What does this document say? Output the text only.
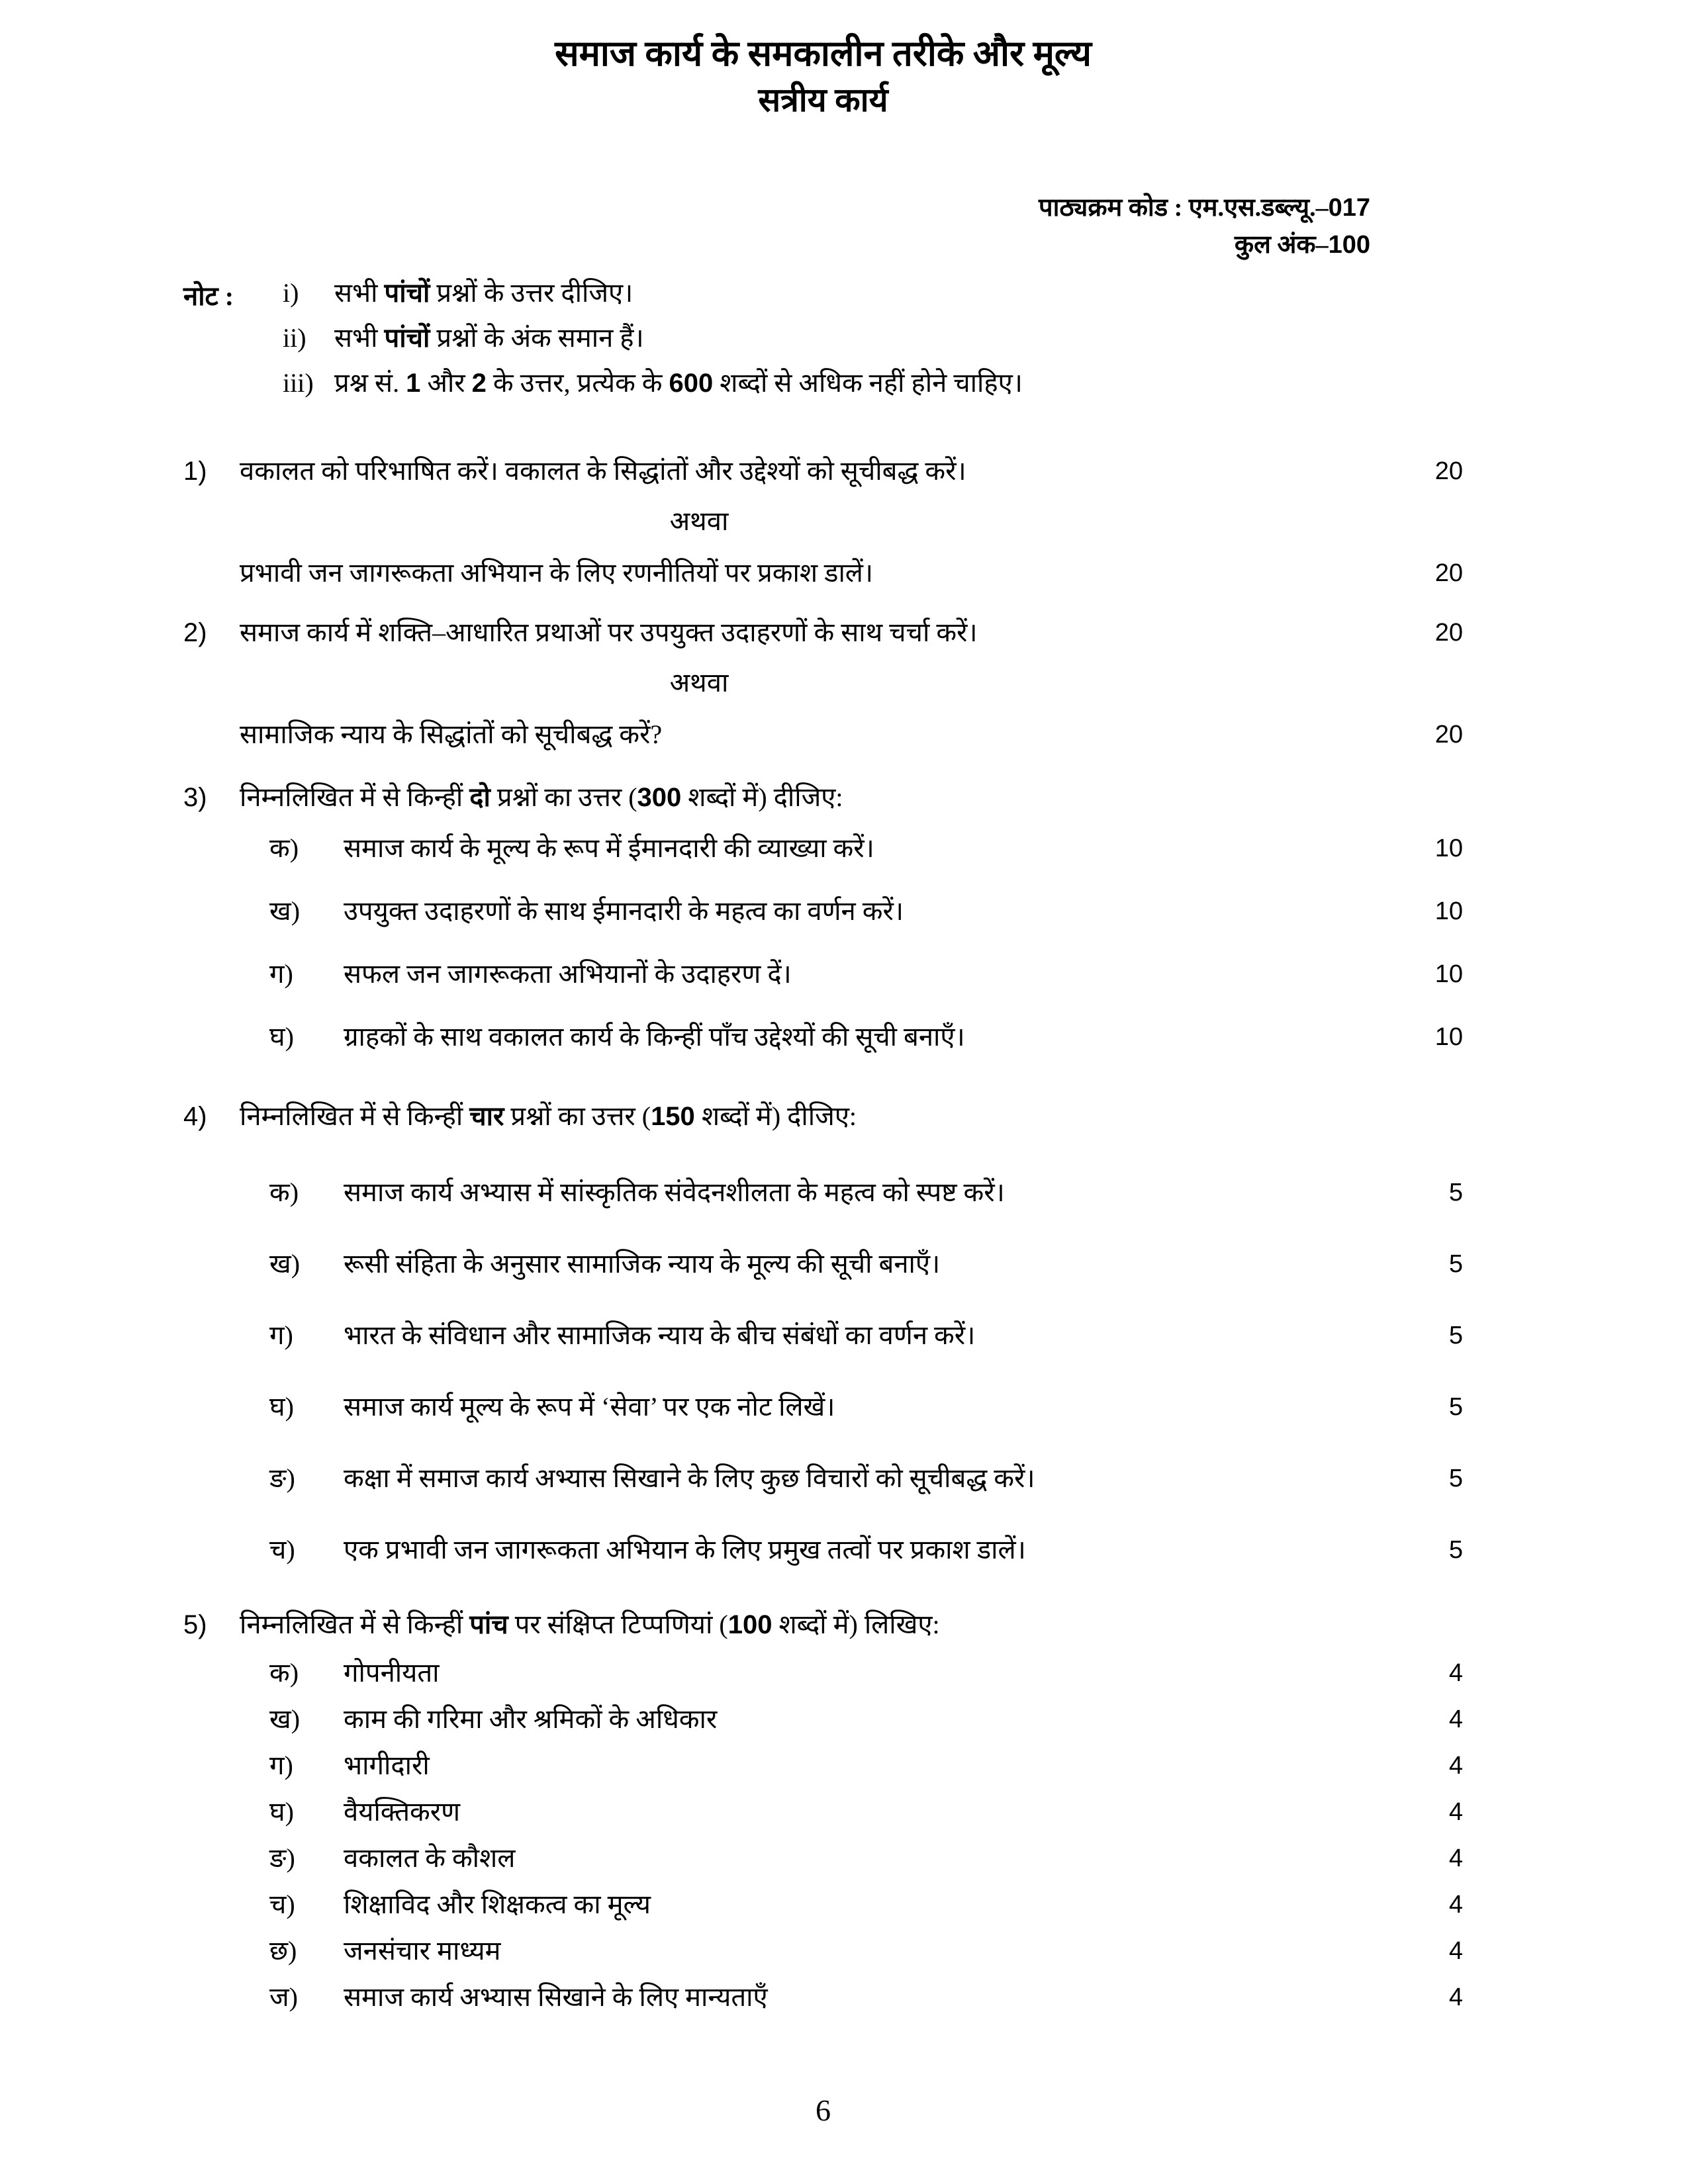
समाज कार्य के समकालीन तरीके और मूल्य
सत्रीय कार्य
पाठ्यक्रम कोड : एम.एस.डब्ल्यू.–017
कुल अंक–100
नोट :	i)	सभी पांचों प्रश्नों के उत्तर दीजिए।
ii)	सभी पांचों प्रश्नों के अंक समान हैं।
iii) प्रश्न सं. 1 और 2 के उत्तर, प्रत्येक के 600 शब्दों से अधिक नहीं होने चाहिए।
1)	वकालत को परिभाषित करें। वकालत के सिद्धांतों और उद्देश्यों को सूचीबद्ध करें।	20
अथवा
प्रभावी जन जागरूकता अभियान के लिए रणनीतियों पर प्रकाश डालें।	20
2)	समाज कार्य में शक्ति–आधारित प्रथाओं पर उपयुक्त उदाहरणों के साथ चर्चा करें।	20
अथवा
सामाजिक न्याय के सिद्धांतों को सूचीबद्ध करें?	20
3)	निम्नलिखित में से किन्हीं दो प्रश्नों का उत्तर (300 शब्दों में) दीजिए:
क)	समाज कार्य के मूल्य के रूप में ईमानदारी की व्याख्या करें।	10
ख)	उपयुक्त उदाहरणों के साथ ईमानदारी के महत्व का वर्णन करें।	10
ग)	सफल जन जागरूकता अभियानों के उदाहरण दें।	10
घ)	ग्राहकों के साथ वकालत कार्य के किन्हीं पाँच उद्देश्यों की सूची बनाएँ।	10
4)	निम्नलिखित में से किन्हीं चार प्रश्नों का उत्तर (150 शब्दों में) दीजिए:
क)	समाज कार्य अभ्यास में सांस्कृतिक संवेदनशीलता के महत्व को स्पष्ट करें।	5
ख)	रूसी संहिता के अनुसार सामाजिक न्याय के मूल्य की सूची बनाएँ।	5
ग)	भारत के संविधान और सामाजिक न्याय के बीच संबंधों का वर्णन करें।	5
घ)	समाज कार्य मूल्य के रूप में ‘सेवा’ पर एक नोट लिखें।	5
ङ)	कक्षा में समाज कार्य अभ्यास सिखाने के लिए कुछ विचारों को सूचीबद्ध करें।	5
च)	एक प्रभावी जन जागरूकता अभियान के लिए प्रमुख तत्वों पर प्रकाश डालें।	5
5)	निम्नलिखित में से किन्हीं पांच पर संक्षिप्त टिप्पणियां (100 शब्दों में) लिखिए:
क)	गोपनीयता	4
ख)	काम की गरिमा और श्रमिकों के अधिकार	4
ग)	भागीदारी	4
घ)	वैयक्तिकरण	4
ङ)	वकालत के कौशल	4
च)	शिक्षाविद और शिक्षकत्व का मूल्य	4
छ)	जनसंचार माध्यम	4
ज)	समाज कार्य अभ्यास सिखाने के लिए मान्यताएँ	4
6
